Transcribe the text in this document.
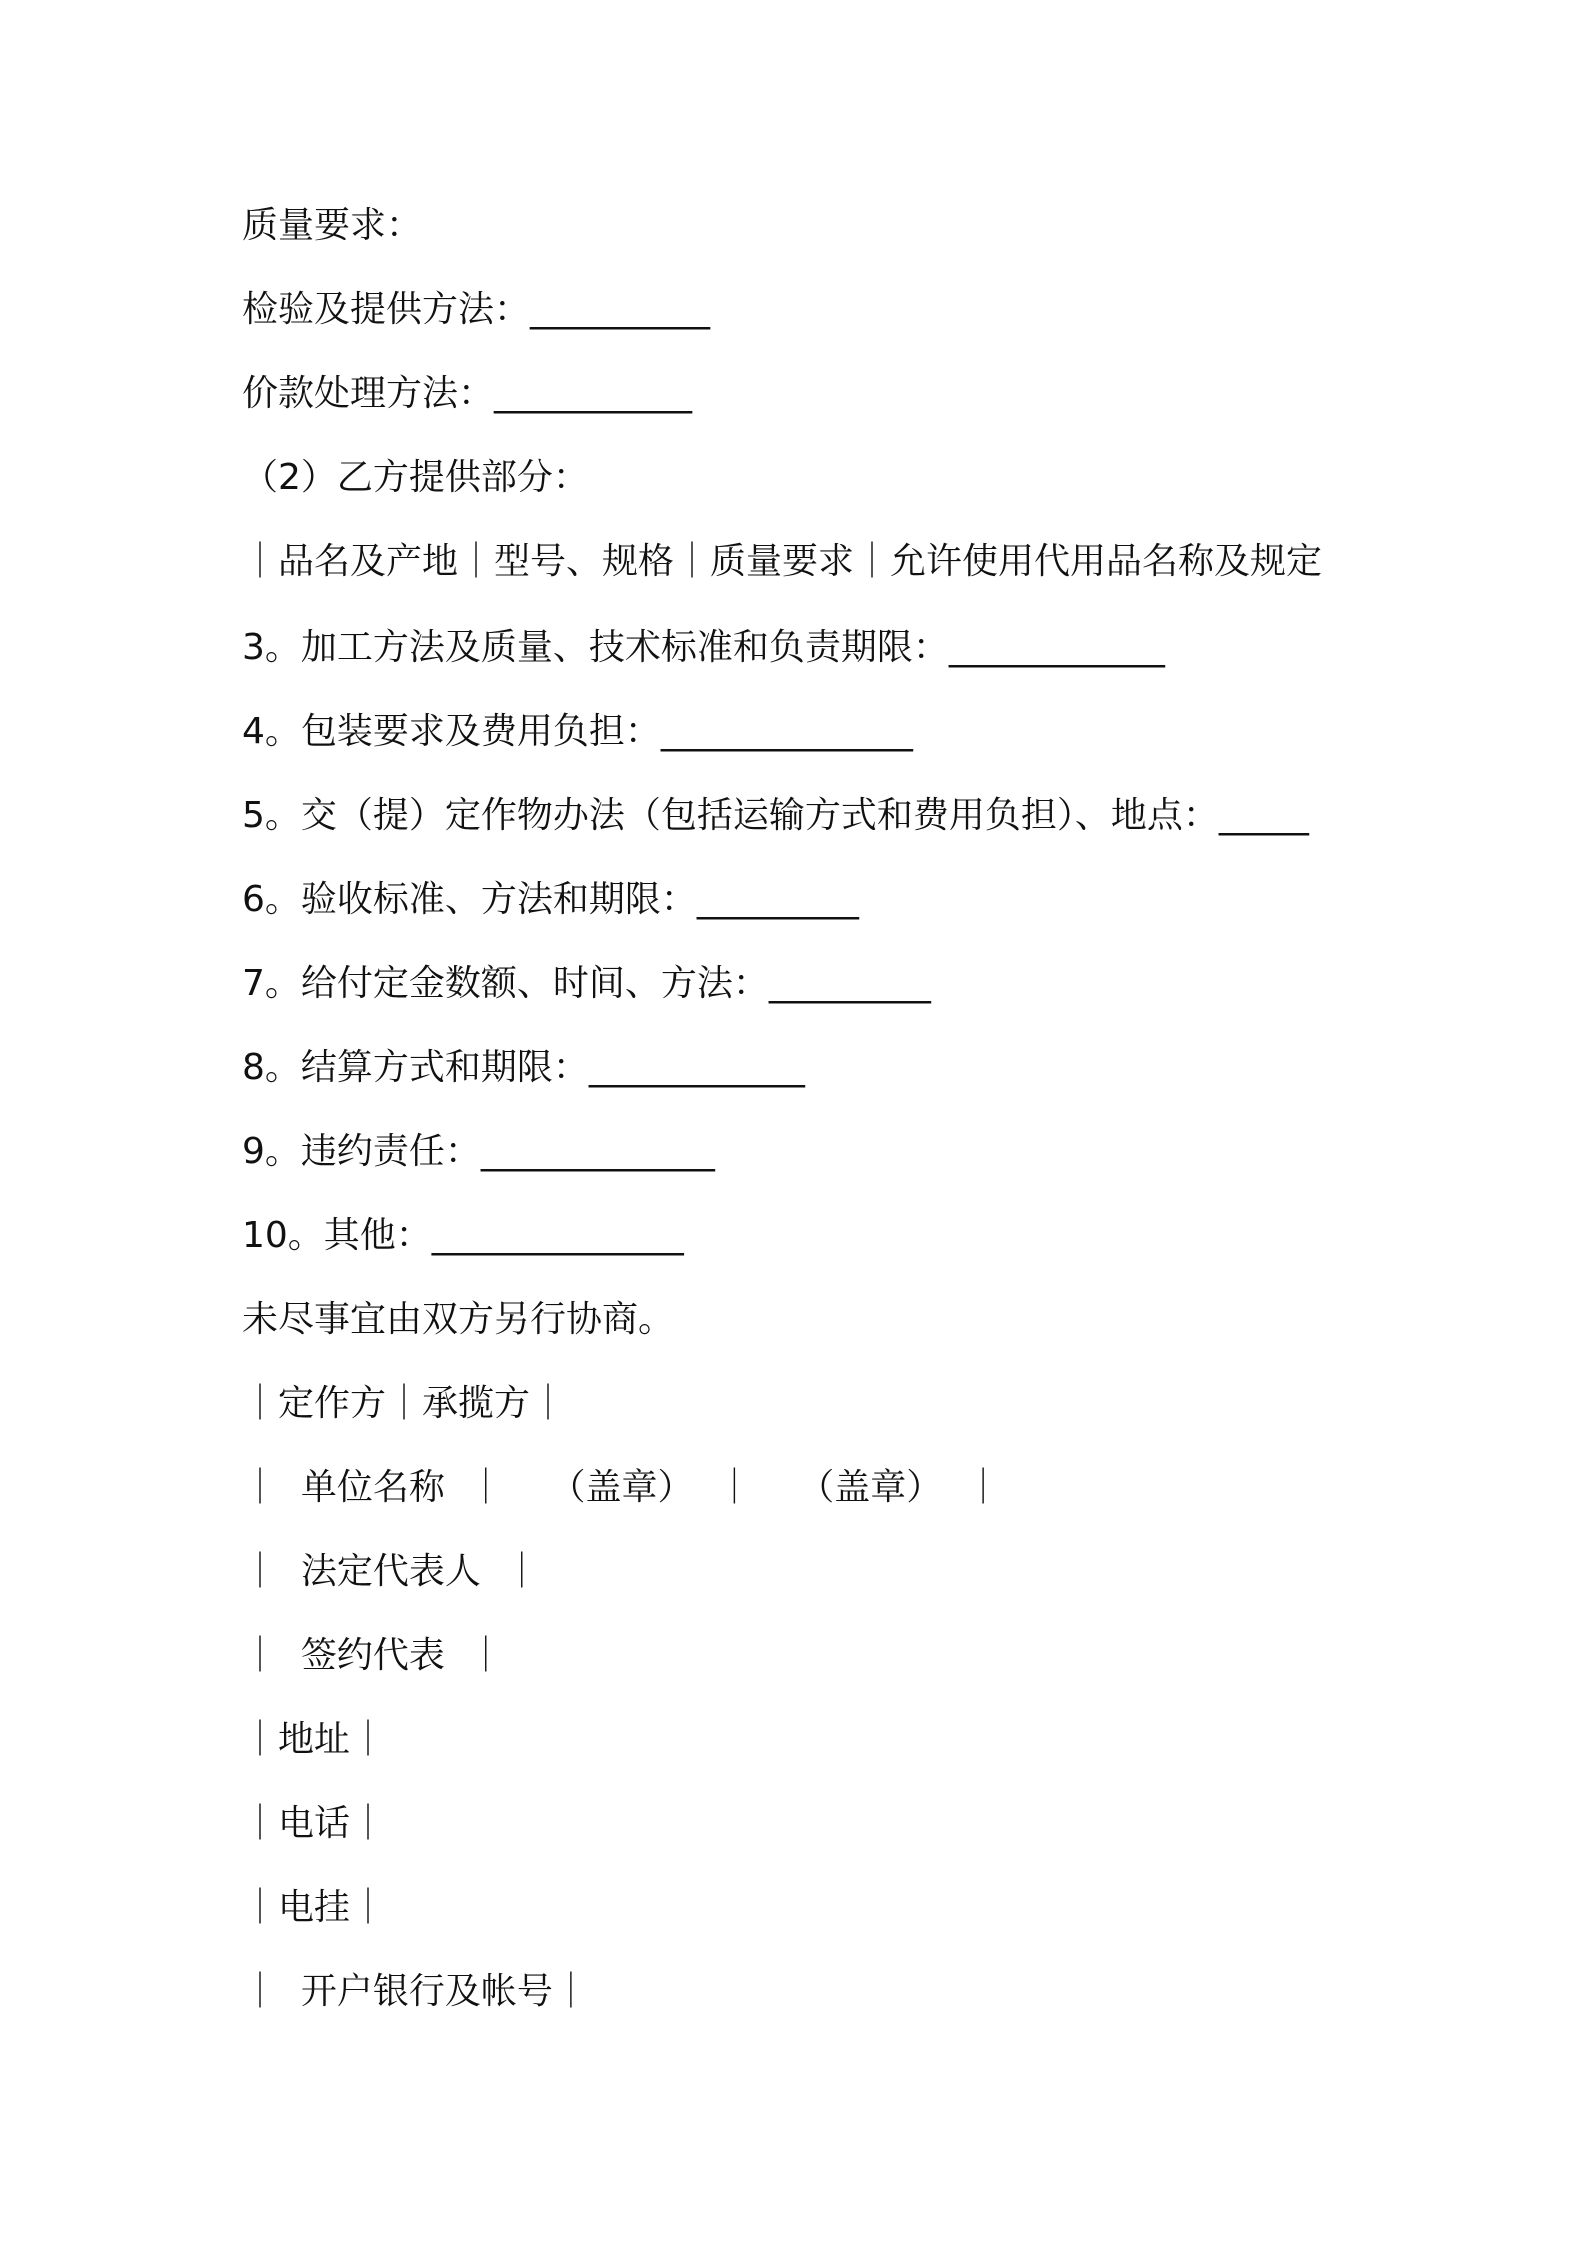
质量要求：
检验及提供方法：__________
价款处理方法：___________
（2）乙方提供部分：
｜品名及产地｜型号、规格｜质量要求｜允许使用代用品名称及规定
3。加工方法及质量、技术标准和负责期限：____________
4。包装要求及费用负担：______________
5。交（提）定作物办法（包括运输方式和费用负担）、地点：_____
6。验收标准、方法和期限：_________
7。给付定金数额、时间、方法：_________
8。结算方式和期限：____________
9。违约责任：_____________
10。其他：______________
未尽事宜由双方另行协商。
｜定作方｜承揽方｜
｜  单位名称  ｜    （盖章）  ｜    （盖章）  ｜
｜  法定代表人  ｜
｜  签约代表  ｜
｜地址｜
｜电话｜
｜电挂｜
｜  开户银行及帐号｜
